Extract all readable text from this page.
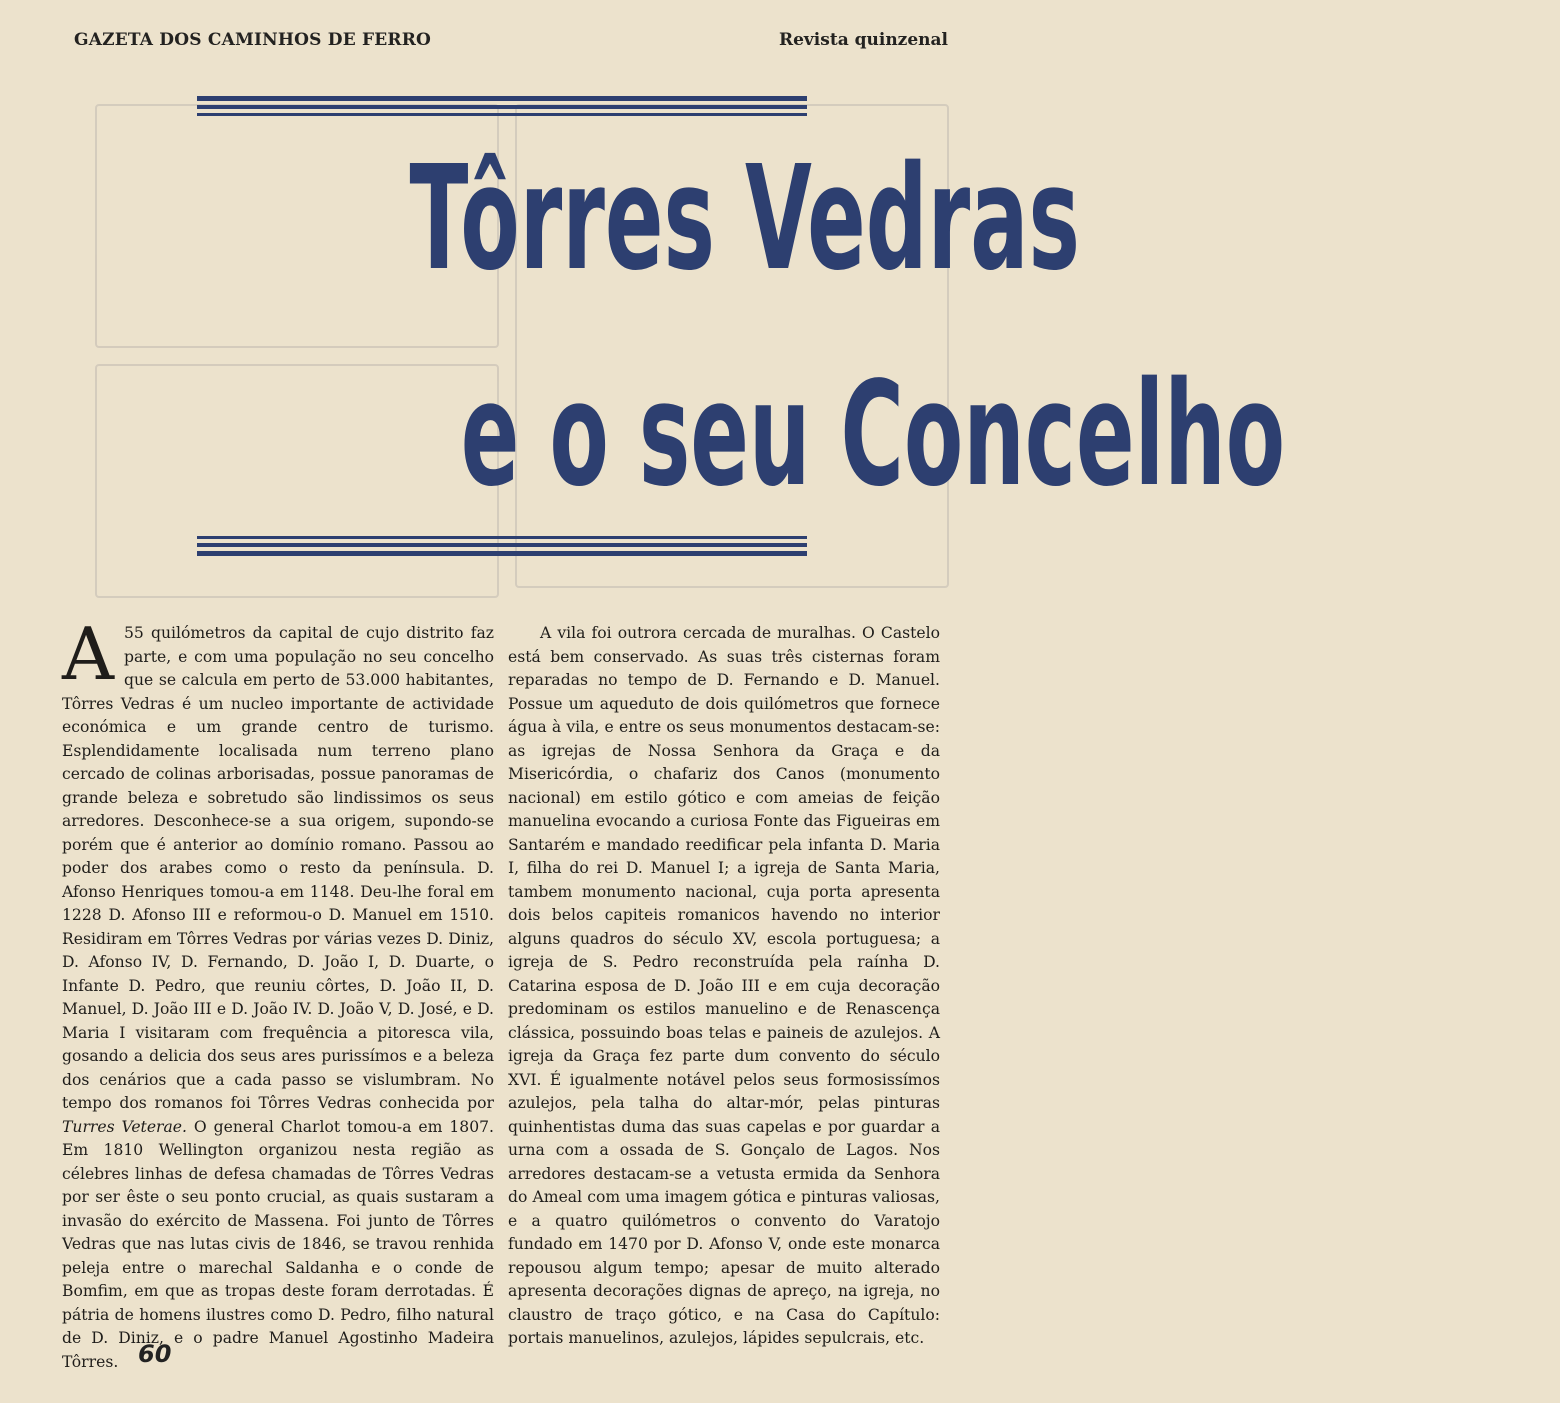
GAZETA DOS CAMINHOS DE FERRO	Revista quinzenal
Tôrres Vedras
e o seu Concelho

A 55 quilómetros da capital de cujo distrito faz parte, e com uma população no seu concelho que se calcula em perto de 53.000 habitantes, Tôrres Vedras é um nucleo importante de actividade económica e um grande centro de turismo. Esplendidamente localisada num terreno plano cercado de colinas arborisadas, possue panoramas de grande beleza e sobretudo são lindissimos os seus arredores. Desconhece-se a sua origem, supondo-se porém que é anterior ao domínio romano. Passou ao poder dos arabes como o resto da península. D. Afonso Henriques tomou-a em 1148. Deu-lhe foral em 1228 D. Afonso III e reformou-o D. Manuel em 1510. Residiram em Tôrres Vedras por várias vezes D. Diniz, D. Afonso IV, D. Fernando, D. João I, D. Duarte, o Infante D. Pedro, que reuniu côrtes, D. João II, D. Manuel, D. João III e D. João IV. D. João V, D. José, e D. Maria I visitaram com frequência a pitoresca vila, gosando a delicia dos seus ares purissímos e a beleza dos cenários que a cada passo se vislumbram. No tempo dos romanos foi Tôrres Vedras conhecida por Turres Veterae. O general Charlot tomou-a em 1807. Em 1810 Wellington organizou nesta região as célebres linhas de defesa chamadas de Tôrres Vedras por ser êste o seu ponto crucial, as quais sustaram a invasão do exército de Massena. Foi junto de Tôrres Vedras que nas lutas civis de 1846, se travou renhida peleja entre o marechal Saldanha e o conde de Bomfim, em que as tropas deste foram derrotadas. É pátria de homens ilustres como D. Pedro, filho natural de D. Diniz, e o padre Manuel Agostinho Madeira Tôrres.

A vila foi outrora cercada de muralhas. O Castelo está bem conservado. As suas três cisternas foram reparadas no tempo de D. Fernando e D. Manuel. Possue um aqueduto de dois quilómetros que fornece água à vila, e entre os seus monumentos destacam-se: as igrejas de Nossa Senhora da Graça e da Misericórdia, o chafariz dos Canos (monumento nacional) em estilo gótico e com ameias de feição manuelina evocando a curiosa Fonte das Figueiras em Santarém e mandado reedificar pela infanta D. Maria I, filha do rei D. Manuel I; a igreja de Santa Maria, tambem monumento nacional, cuja porta apresenta dois belos capiteis romanicos havendo no interior alguns quadros do século XV, escola portuguesa; a igreja de S. Pedro reconstruída pela raínha D. Catarina esposa de D. João III e em cuja decoração predominam os estilos manuelino e de Renascença clássica, possuindo boas telas e paineis de azulejos. A igreja da Graça fez parte dum convento do século XVI. É igualmente notável pelos seus formosissímos azulejos, pela talha do altar-mór, pelas pinturas quinhentistas duma das suas capelas e por guardar a urna com a ossada de S. Gonçalo de Lagos. Nos arredores destacam-se a vetusta ermida da Senhora do Ameal com uma imagem gótica e pinturas valiosas, e a quatro quilómetros o convento do Varatojo fundado em 1470 por D. Afonso V, onde este monarca repousou algum tempo; apesar de muito alterado apresenta decorações dignas de apreço, na igreja, no claustro de traço gótico, e na Casa do Capítulo: portais manuelinos, azulejos, lápides sepulcrais, etc.

60
